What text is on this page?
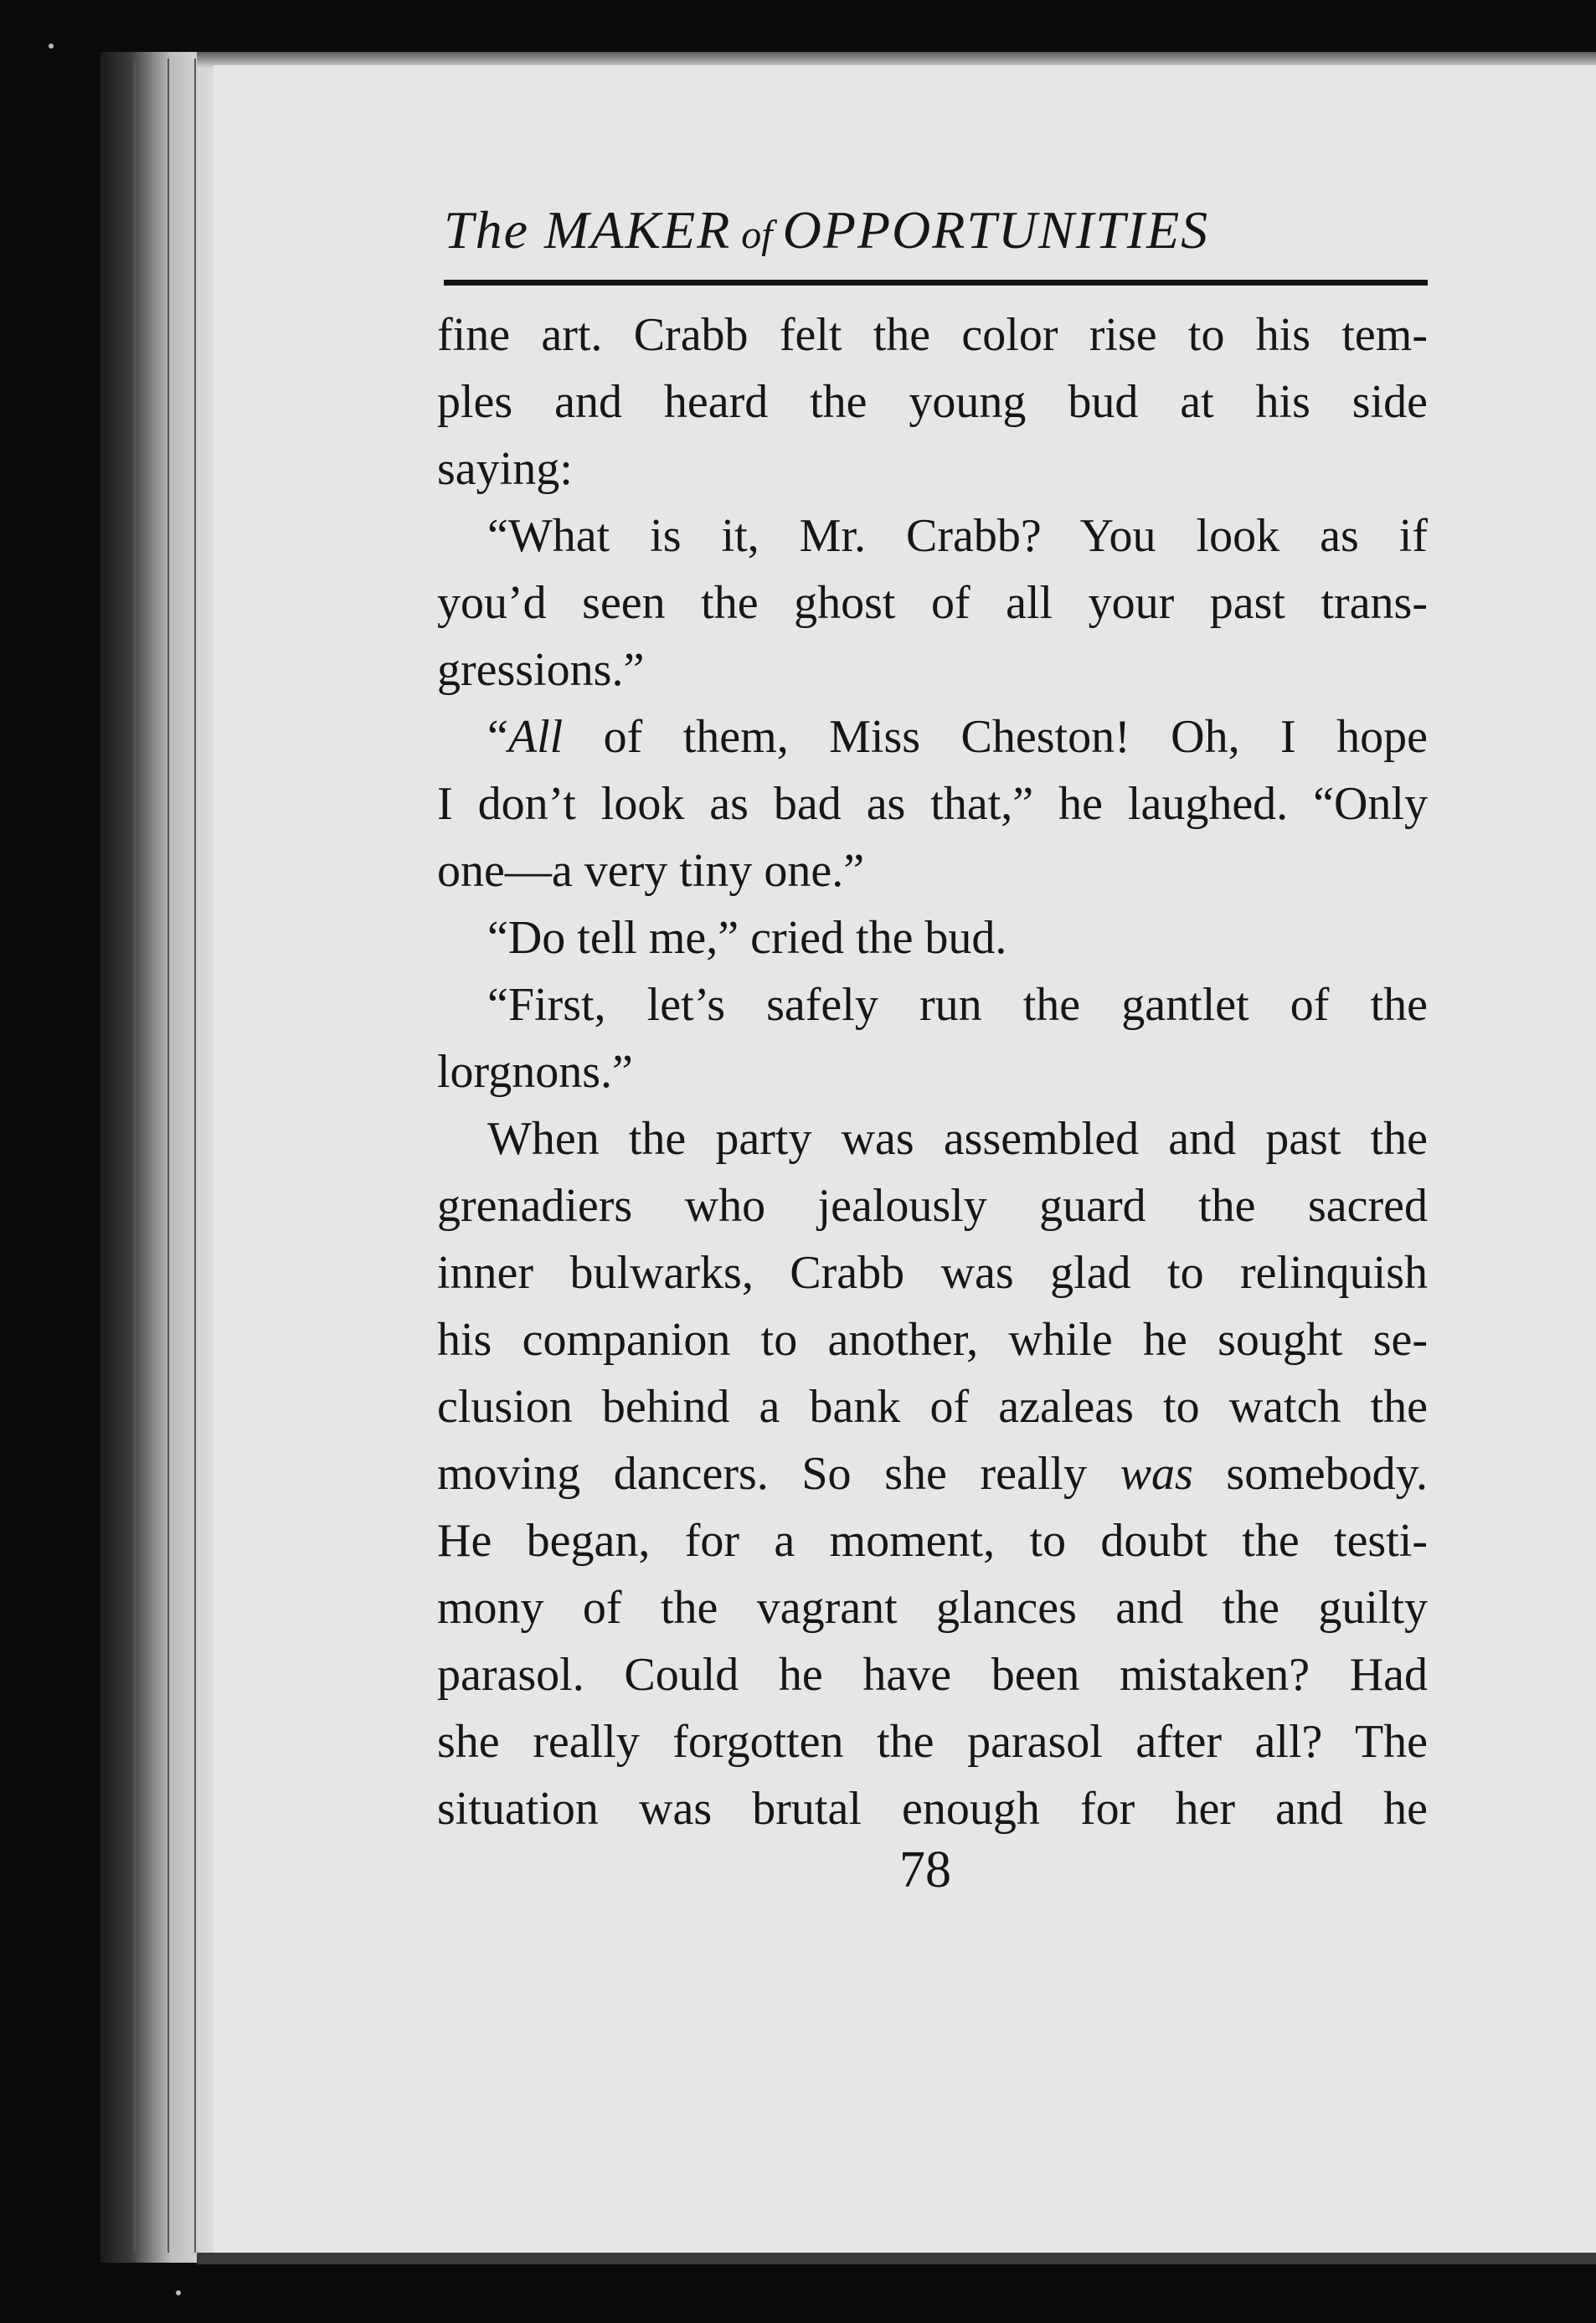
The MAKER of OPPORTUNITIES
fine art. Crabb felt the color rise to his tem-
ples and heard the young bud at his side
saying:
“What is it, Mr. Crabb? You look as if
you’d seen the ghost of all your past trans-
gressions.”
“All of them, Miss Cheston! Oh, I hope
I don’t look as bad as that,” he laughed. “Only
one—a very tiny one.”
“Do tell me,” cried the bud.
“First, let’s safely run the gantlet of the
lorgnons.”
When the party was assembled and past the
grenadiers who jealously guard the sacred
inner bulwarks, Crabb was glad to relinquish
his companion to another, while he sought se-
clusion behind a bank of azaleas to watch the
moving dancers. So she really was somebody.
He began, for a moment, to doubt the testi-
mony of the vagrant glances and the guilty
parasol. Could he have been mistaken? Had
she really forgotten the parasol after all? The
situation was brutal enough for her and he
78
